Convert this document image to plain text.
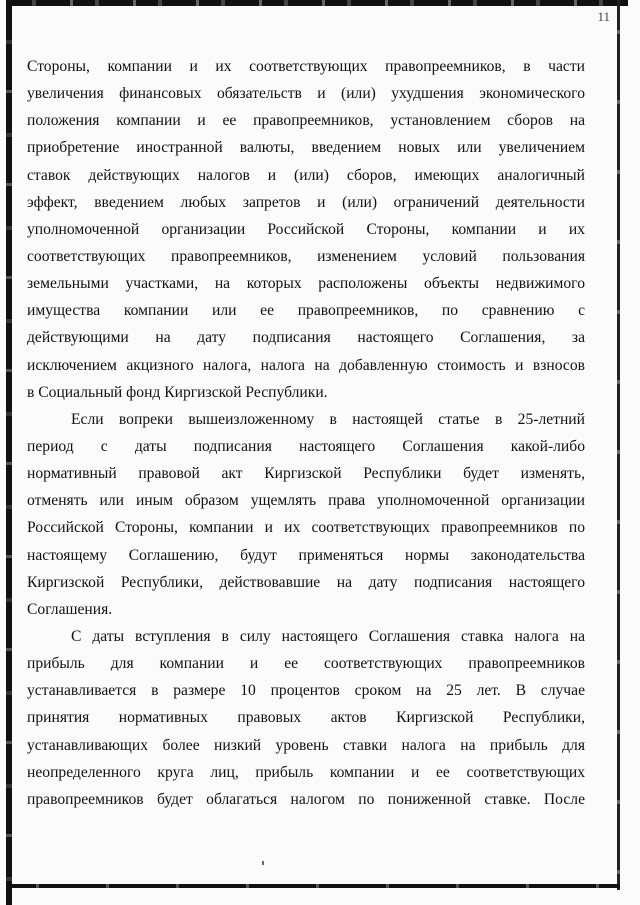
11
Стороны, компании и их соответствующих правопреемников, в части
увеличения финансовых обязательств и (или) ухудшения экономического
положения компании и ее правопреемников, установлением сборов на
приобретение иностранной валюты, введением новых или увеличением
ставок действующих налогов и (или) сборов, имеющих аналогичный
эффект, введением любых запретов и (или) ограничений деятельности
уполномоченной организации Российской Стороны, компании и их
соответствующих правопреемников, изменением условий пользования
земельными участками, на которых расположены объекты недвижимого
имущества компании или ее правопреемников, по сравнению с
действующими на дату подписания настоящего Соглашения, за
исключением акцизного налога, налога на добавленную стоимость и взносов
в Социальный фонд Киргизской Республики.
Если вопреки вышеизложенному в настоящей статье в 25-летний
период с даты подписания настоящего Соглашения какой-либо
нормативный правовой акт Киргизской Республики будет изменять,
отменять или иным образом ущемлять права уполномоченной организации
Российской Стороны, компании и их соответствующих правопреемников по
настоящему Соглашению, будут применяться нормы законодательства
Киргизской Республики, действовавшие на дату подписания настоящего
Соглашения.
С даты вступления в силу настоящего Соглашения ставка налога на
прибыль для компании и ее соответствующих правопреемников
устанавливается в размере 10 процентов сроком на 25 лет. В случае
принятия нормативных правовых актов Киргизской Республики,
устанавливающих более низкий уровень ставки налога на прибыль для
неопределенного круга лиц, прибыль компании и ее соответствующих
правопреемников будет облагаться налогом по пониженной ставке. После
